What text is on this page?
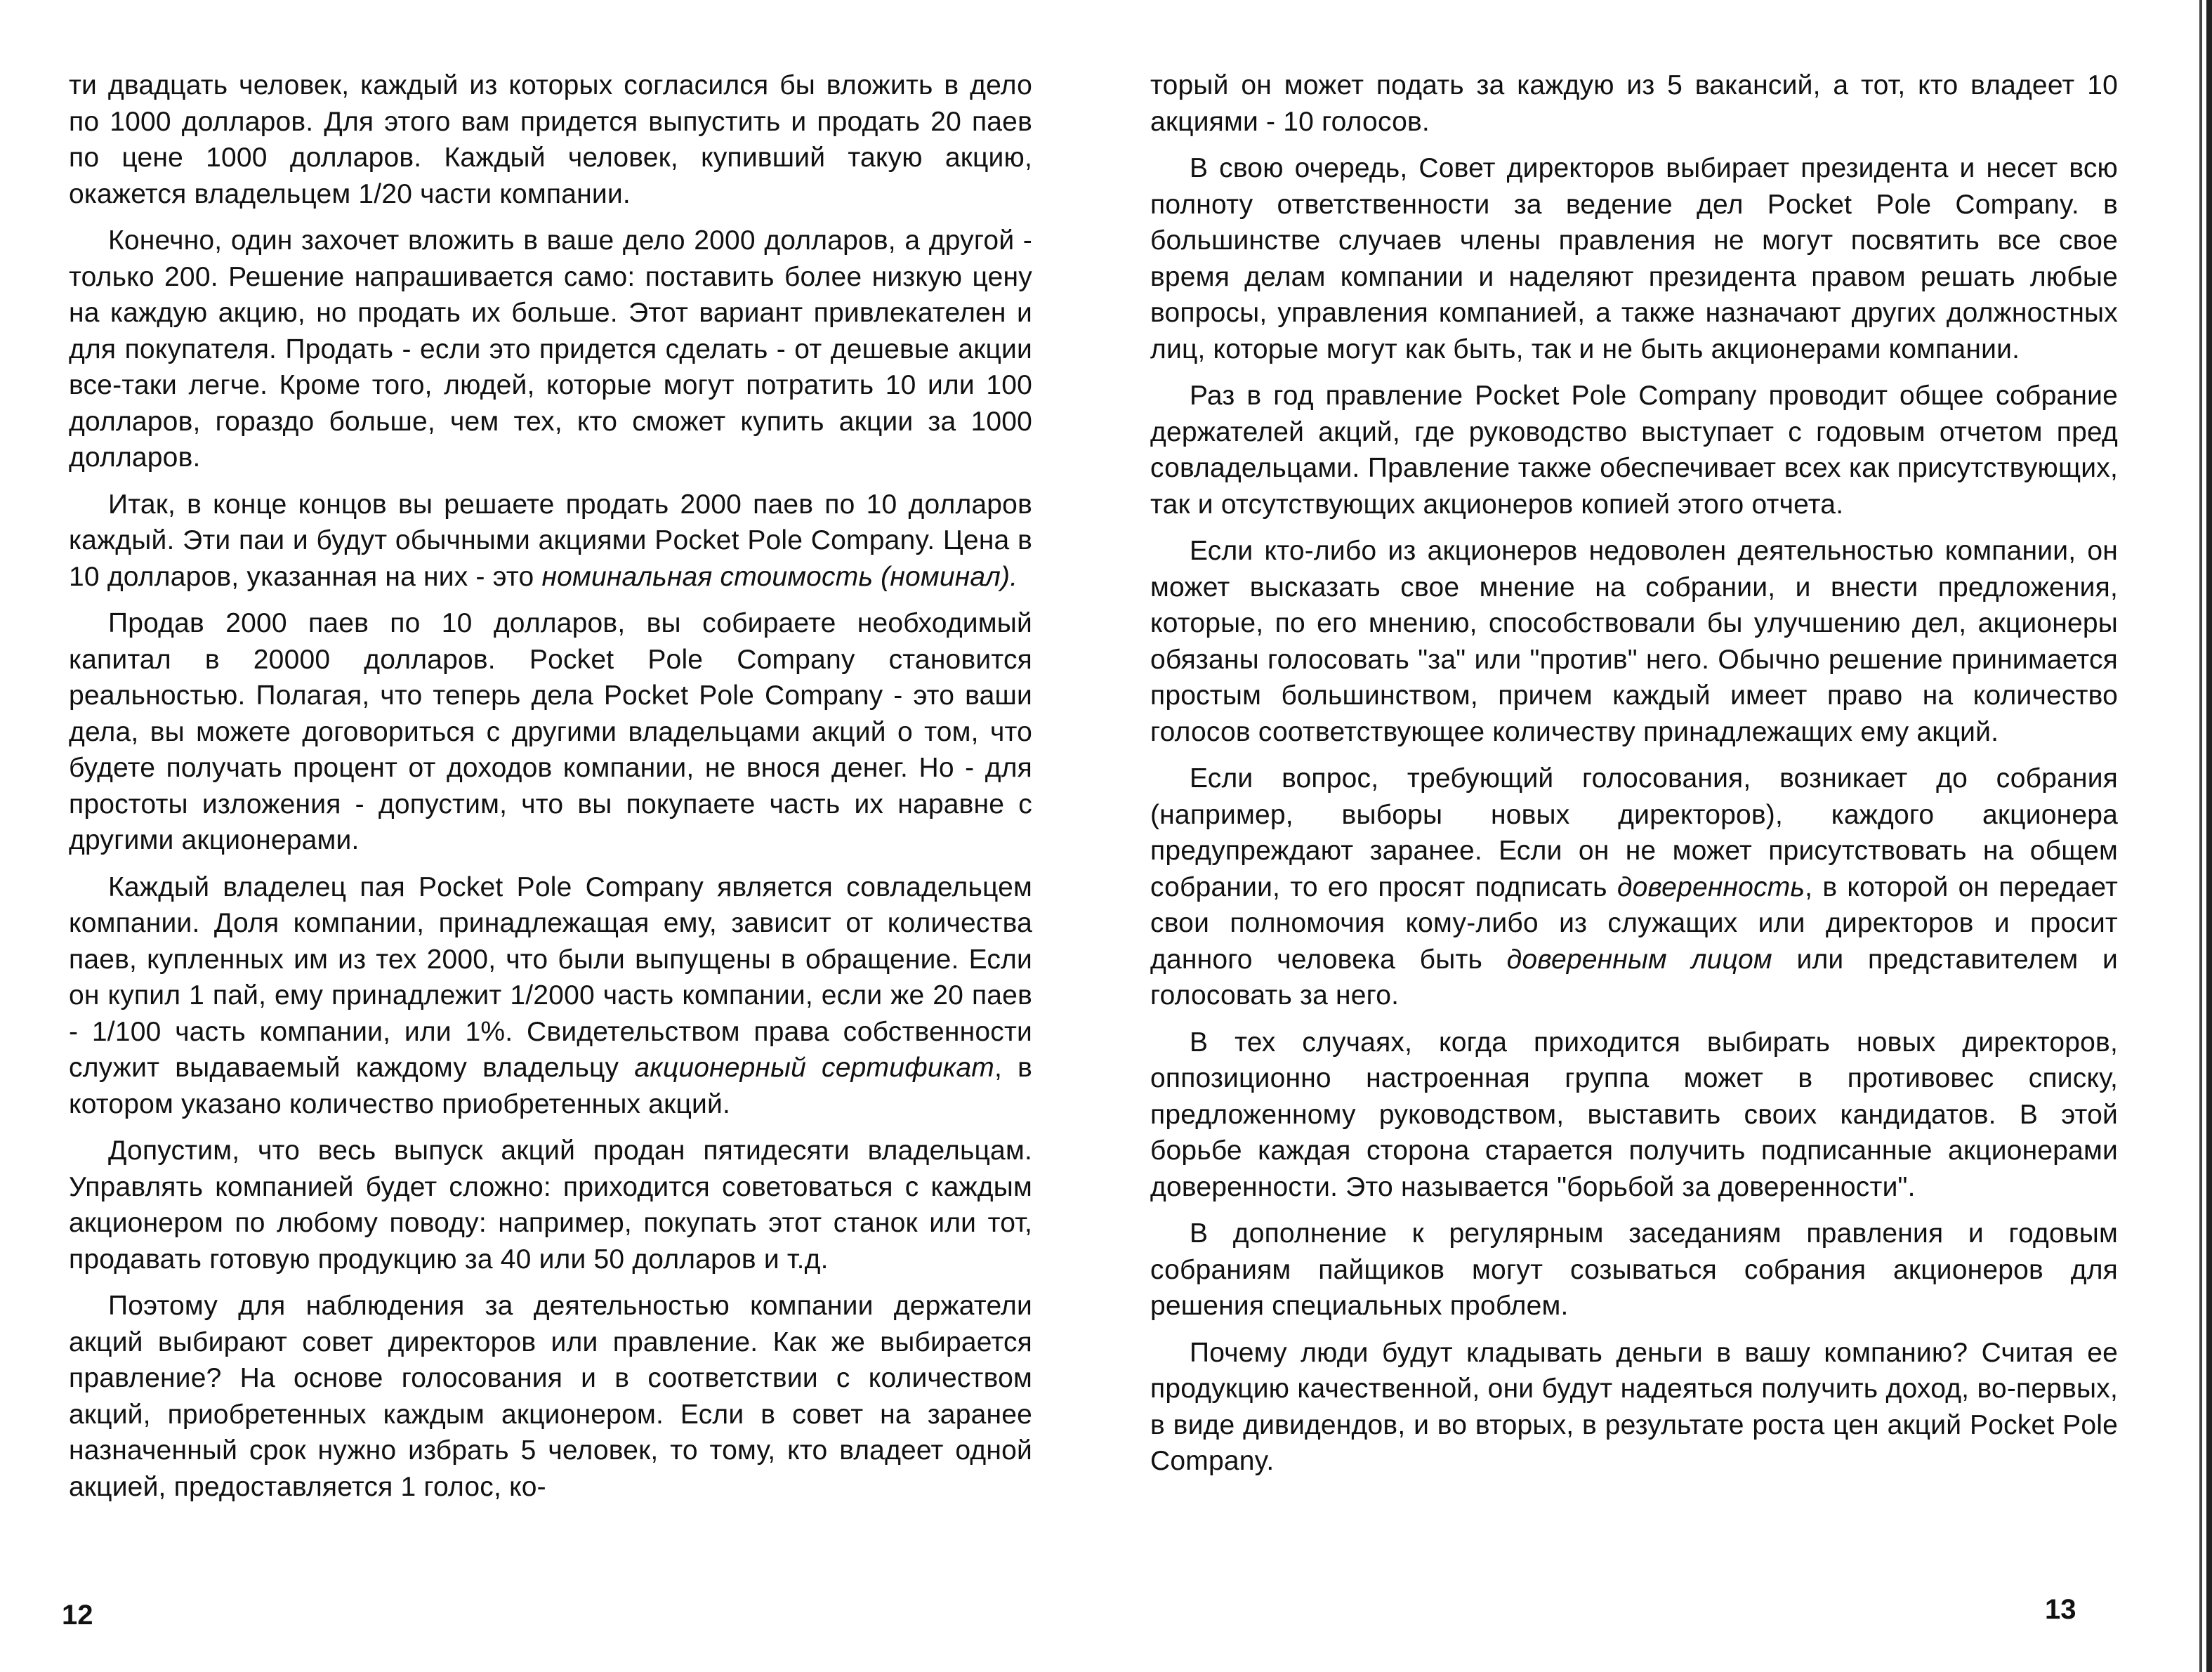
ти двадцать человек, каждый из которых согласился бы вложить в дело по 1000 долларов. Для этого вам придется выпустить и продать 20 паев по цене 1000 долларов. Каждый человек, купивший такую акцию, окажется владельцем 1/20 части компании.

Конечно, один захочет вложить в ваше дело 2000 долларов, а другой - только 200. Решение напрашивается само: поставить более низкую цену на каждую акцию, но продать их больше. Этот вариант привлекателен и для покупателя. Продать - если это придется сделать - от дешевые акции все-таки легче. Кроме того, людей, которые могут потратить 10 или 100 долларов, гораздо больше, чем тех, кто сможет купить акции за 1000 долларов.

Итак, в конце концов вы решаете продать 2000 паев по 10 долларов каждый. Эти паи и будут обычными акциями Pocket Pole Company. Цена в 10 долларов, указанная на них - это номинальная стоимость (номинал).

Продав 2000 паев по 10 долларов, вы собираете необходимый капитал в 20000 долларов. Pocket Pole Company становится реальностью. Полагая, что теперь дела Pocket Pole Company - это ваши дела, вы можете договориться с другими владельцами акций о том, что будете получать процент от доходов компании, не внося денег. Но - для простоты изложения - допустим, что вы покупаете часть их наравне с другими акционерами.

Каждый владелец пая Pocket Pole Company является совладельцем компании. Доля компании, принадлежащая ему, зависит от количества паев, купленных им из тех 2000, что были выпущены в обращение. Если он купил 1 пай, ему принадлежит 1/2000 часть компании, если же 20 паев - 1/100 часть компании, или 1%. Свидетельством права собственности служит выдаваемый каждому владельцу акционерный сертификат, в котором указано количество приобретенных акций.

Допустим, что весь выпуск акций продан пятидесяти владельцам. Управлять компанией будет сложно: приходится советоваться с каждым акционером по любому поводу: например, покупать этот станок или тот, продавать готовую продукцию за 40 или 50 долларов и т.д.

Поэтому для наблюдения за деятельностью компании держатели акций выбирают совет директоров или правление. Как же выбирается правление? На основе голосования и в соответствии с количеством акций, приобретенных каждым акционером. Если в совет на заранее назначенный срок нужно избрать 5 человек, то тому, кто владеет одной акцией, предоставляется 1 голос, ко-

12

торый он может подать за каждую из 5 вакансий, а тот, кто владеет 10 акциями - 10 голосов.

В свою очередь, Совет директоров выбирает президента и несет всю полноту ответственности за ведение дел Pocket Pole Company. в большинстве случаев члены правления не могут посвятить все свое время делам компании и наделяют президента правом решать любые вопросы, управления компанией, а также назначают других должностных лиц, которые могут как быть, так и не быть акционерами компании.

Раз в год правление Pocket Pole Company проводит общее собрание держателей акций, где руководство выступает с годовым отчетом пред совладельцами. Правление также обеспечивает всех как присутствующих, так и отсутствующих акционеров копией этого отчета.

Если кто-либо из акционеров недоволен деятельностью компании, он может высказать свое мнение на собрании, и внести предложения, которые, по его мнению, способствовали бы улучшению дел, акционеры обязаны голосовать "за" или "против" него. Обычно решение принимается простым большинством, причем каждый имеет право на количество голосов соответствующее количеству принадлежащих ему акций.

Если вопрос, требующий голосования, возникает до собрания (например, выборы новых директоров), каждого акционера предупреждают заранее. Если он не может присутствовать на общем собрании, то его просят подписать доверенность, в которой он передает свои полномочия кому-либо из служащих или директоров и просит данного человека быть доверенным лицом или представителем и голосовать за него.

В тех случаях, когда приходится выбирать новых директоров, оппозиционно настроенная группа может в противовес списку, предложенному руководством, выставить своих кандидатов. В этой борьбе каждая сторона старается получить подписанные акционерами доверенности. Это называется "борьбой за доверенности".

В дополнение к регулярным заседаниям правления и годовым собраниям пайщиков могут созываться собрания акционеров для решения специальных проблем.

Почему люди будут кладывать деньги в вашу компанию? Считая ее продукцию качественной, они будут надеяться получить доход, во-первых, в виде дивидендов, и во вторых, в результате роста цен акций Pocket Pole Company.

13
